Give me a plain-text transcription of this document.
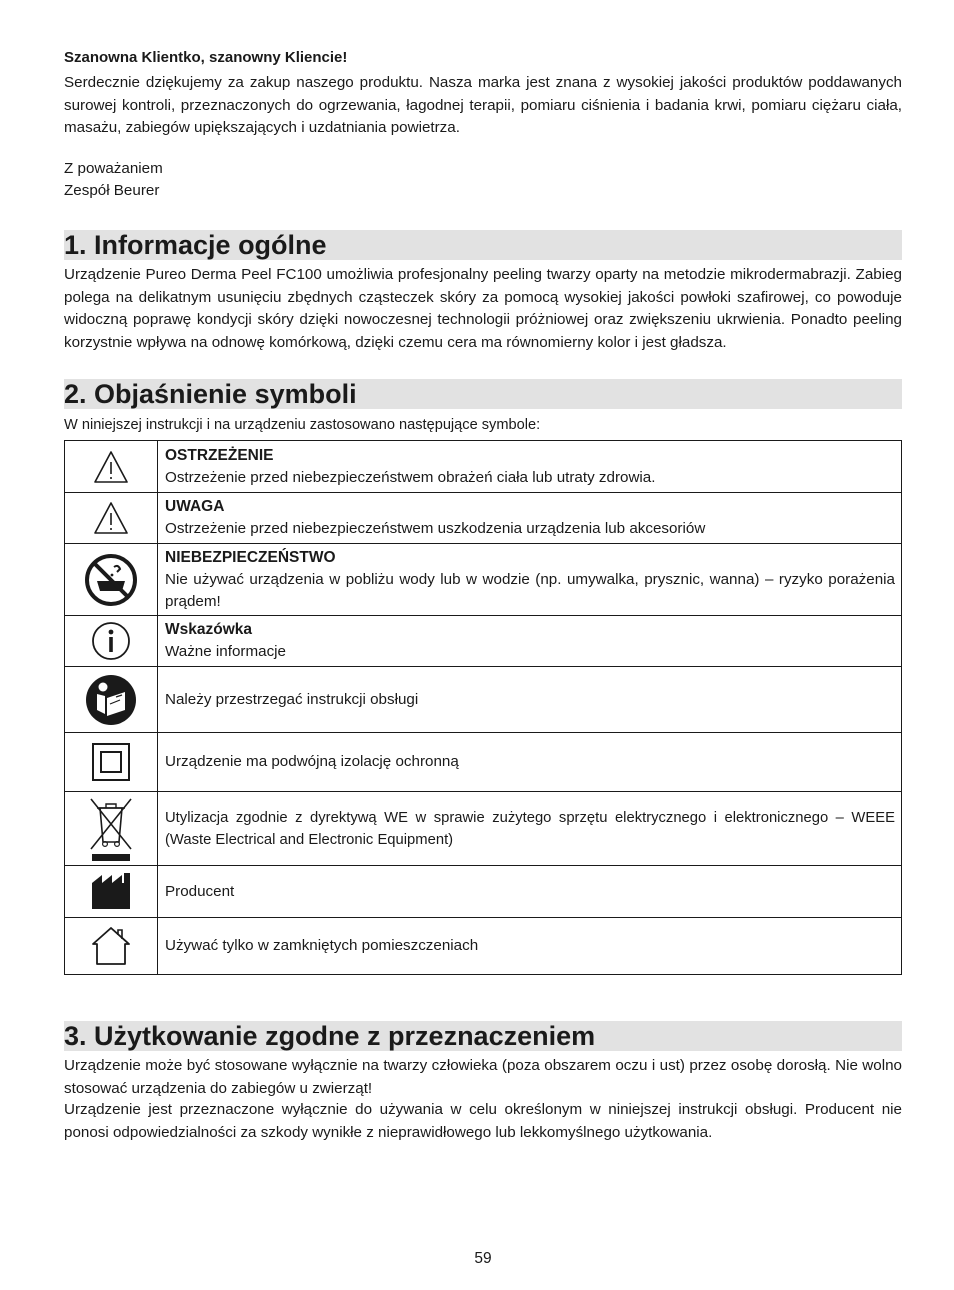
Szanowna Klientko, szanowny Kliencie!
Serdecznie dziękujemy za zakup naszego produktu. Nasza marka jest znana z wysokiej jakości produktów poddawanych surowej kontroli, przeznaczonych do ogrzewania, łagodnej terapii, pomiaru ciśnienia i badania krwi, pomiaru ciężaru ciała, masażu, zabiegów upiększających i uzdatniania powietrza.
Z poważaniem
Zespół Beurer
1. Informacje ogólne
Urządzenie Pureo Derma Peel FC100 umożliwia profesjonalny peeling twarzy oparty na metodzie mikrodermabrazji. Zabieg polega na delikatnym usunięciu zbędnych cząsteczek skóry za pomocą wysokiej jakości powłoki szafirowej, co powoduje widoczną poprawę kondycji skóry dzięki nowoczesnej technologii próżniowej oraz zwiększeniu ukrwienia. Ponadto peeling korzystnie wpływa na odnowę komórkową, dzięki czemu cera ma równomierny kolor i jest gładsza.
2. Objaśnienie symboli
W niniejszej instrukcji i na urządzeniu zastosowano następujące symbole:

OSTRZEŻENIE
Ostrzeżenie przed niebezpieczeństwem obrażeń ciała lub utraty zdrowia.

UWAGA
Ostrzeżenie przed niebezpieczeństwem uszkodzenia urządzenia lub akcesoriów

NIEBEZPIECZEŃSTWO
Nie używać urządzenia w pobliżu wody lub w wodzie (np. umywalka, prysznic, wanna) – ryzyko porażenia prądem!

Wskazówka
Ważne informacje

Należy przestrzegać instrukcji obsługi

Urządzenie ma podwójną izolację ochronną

Utylizacja zgodnie z dyrektywą WE w sprawie zużytego sprzętu elektrycznego i elektronicznego – WEEE (Waste Electrical and Electronic Equipment)

Producent

Używać tylko w zamkniętych pomieszczeniach
3. Użytkowanie zgodne z przeznaczeniem
Urządzenie może być stosowane wyłącznie na twarzy człowieka (poza obszarem oczu i ust) przez osobę dorosłą. Nie wolno stosować urządzenia do zabiegów u zwierząt!
Urządzenie jest przeznaczone wyłącznie do używania w celu określonym w niniejszej instrukcji obsługi. Producent nie ponosi odpowiedzialności za szkody wynikłe z nieprawidłowego lub lekkomyślnego użytkowania.
59
